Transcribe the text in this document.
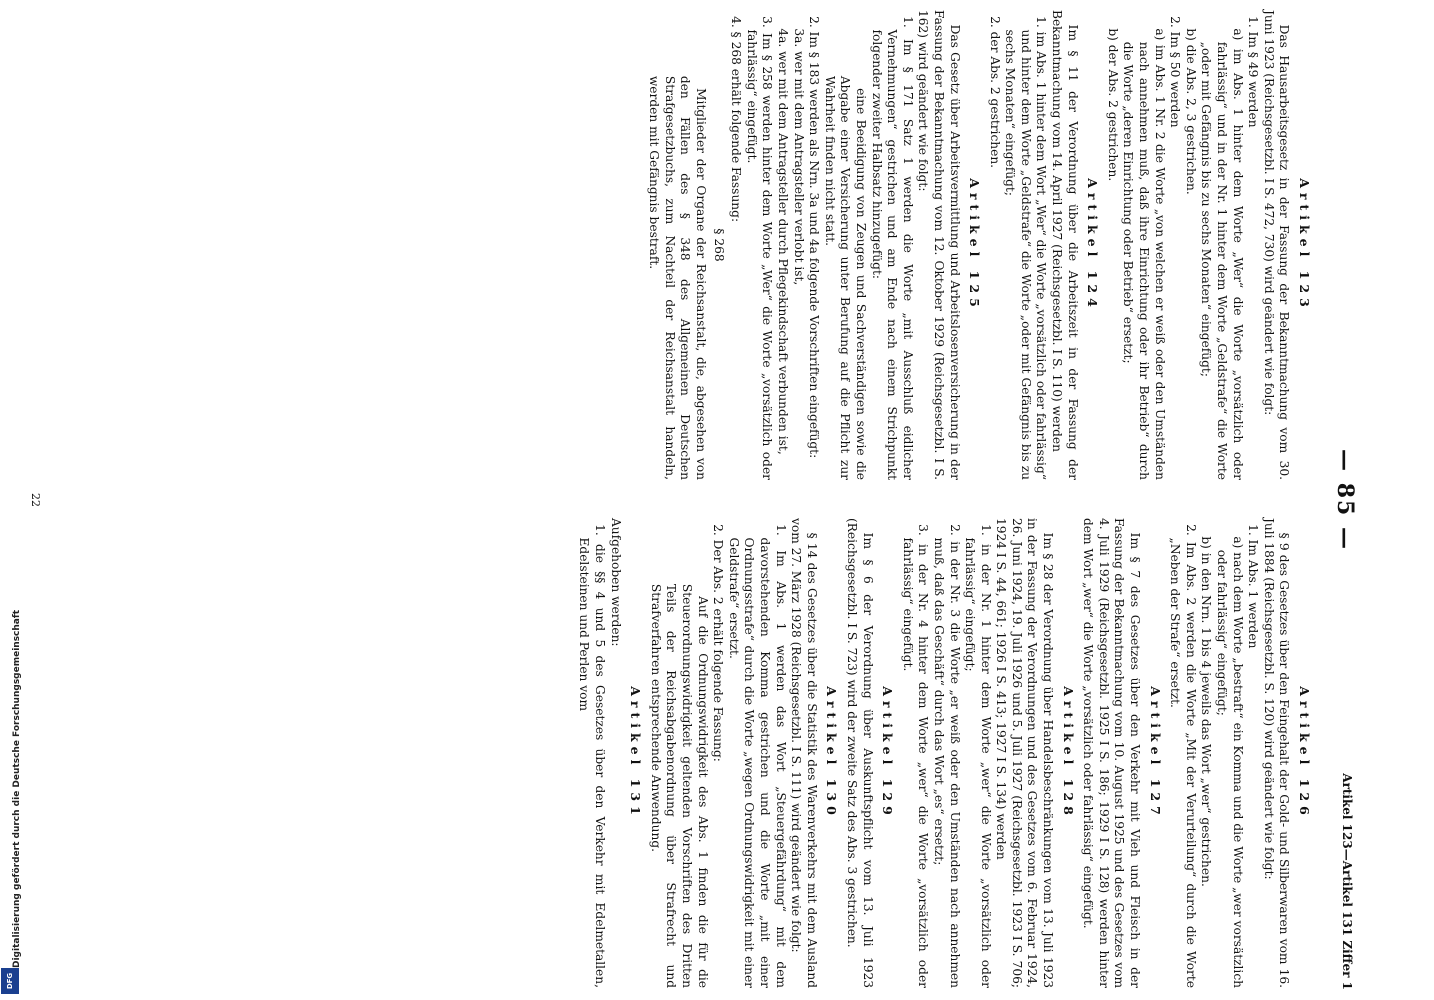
DFG
Digitalisierung gefördert durch die Deutsche Forschungsgemeinschaft
— 85 —
Artikel 123—Artikel 131 Ziffer 1
Artikel 123

Das Hausarbeitsgesetz in der Fassung der Bekanntmachung vom 30. Juni 1923 (Reichsgesetzbl. I S. 472, 730) wird geändert wie folgt:

1. Im § 49 werden

a) im Abs. 1 hinter dem Worte „Wer“ die Worte „vorsätzlich oder fahrlässig“ und in der Nr. 1 hinter dem Worte „Geldstrafe“ die Worte „oder mit Gefängnis bis zu sechs Monaten“ eingefügt;

b) die Abs. 2, 3 gestrichen.

2. Im § 50 werden

a) im Abs. 1 Nr. 2 die Worte „von welchen er weiß oder den Umständen nach annehmen muß, daß ihre Einrichtung oder ihr Betrieb“ durch die Worte „deren Einrichtung oder Betrieb“ ersetzt;

b) der Abs. 2 gestrichen.

Artikel 124

Im § 11 der Verordnung über die Arbeitszeit in der Fassung der Bekanntmachung vom 14. April 1927 (Reichsgesetzbl. I S. 110) werden

1. im Abs. 1 hinter dem Wort „Wer“ die Worte „vorsätzlich oder fahrlässig“ und hinter dem Worte „Geldstrafe“ die Worte „oder mit Gefängnis bis zu sechs Monaten“ eingefügt;

2. der Abs. 2 gestrichen.

Artikel 125

Das Gesetz über Arbeitsvermittlung und Arbeitslosenversicherung in der Fassung der Bekanntmachung vom 12. Oktober 1929 (Reichsgesetzbl. I S. 162) wird geändert wie folgt:

1. Im § 171 Satz 1 werden die Worte „mit Ausschluß eidlicher Vernehmungen“ gestrichen und am Ende nach einem Strichpunkt folgender zweiter Halbsatz hinzugefügt:

eine Beeidigung von Zeugen und Sachverständigen sowie die Abgabe einer Versicherung unter Berufung auf die Pflicht zur Wahrheit finden nicht statt.

2. Im § 183 werden als Nrn. 3a und 4a folgende Vorschriften eingefügt:

3a. wer mit dem Antragsteller verlobt ist,

4a. wer mit dem Antragsteller durch Pflegekindschaft verbunden ist,

3. Im § 258 werden hinter dem Worte „Wer“ die Worte „vorsätzlich oder fahrlässig“ eingefügt.

4. § 268 erhält folgende Fassung:

§ 268

Mitglieder der Organe der Reichsanstalt, die, abgesehen von den Fällen des § 348 des Allgemeinen Deutschen Strafgesetzbuchs, zum Nachteil der Reichsanstalt handeln, werden mit Gefängnis bestraft.

Artikel 126

§ 9 des Gesetzes über den Feingehalt der Gold- und Silberwaren vom 16. Juli 1884 (Reichsgesetzbl. S. 120) wird geändert wie folgt:

1. Im Abs. 1 werden

a) nach dem Worte „bestraft“ ein Komma und die Worte „wer vorsätzlich oder fahrlässig“ eingefügt;

b) in den Nrn. 1 bis 4 jeweils das Wort „wer“ gestrichen.

2. Im Abs. 2 werden die Worte „Mit der Verurteilung“ durch die Worte „Neben der Strafe“ ersetzt.

Artikel 127

Im § 7 des Gesetzes über den Verkehr mit Vieh und Fleisch in der Fassung der Bekanntmachung vom 10. August 1925 und des Gesetzes vom 4. Juli 1929 (Reichsgesetzbl. 1925 I S. 186; 1929 I S. 128) werden hinter dem Wort „wer“ die Worte „vorsätzlich oder fahrlässig“ eingefügt.

Artikel 128

Im § 28 der Verordnung über Handelsbeschränkungen vom 13. Juli 1923 in der Fassung der Verordnungen und des Gesetzes vom 6. Februar 1924, 26. Juni 1924, 19. Juli 1926 und 5. Juli 1927 (Reichsgesetzbl. 1923 I S. 706; 1924 I S. 44, 661; 1926 I S. 413; 1927 I S. 134) werden

1. in der Nr. 1 hinter dem Worte „wer“ die Worte „vorsätzlich oder fahrlässig“ eingefügt;

2. in der Nr. 3 die Worte „er weiß oder den Umständen nach annehmen muß, daß das Geschäft“ durch das Wort „es“ ersetzt;

3. in der Nr. 4 hinter dem Worte „wer“ die Worte „vorsätzlich oder fahrlässig“ eingefügt.

Artikel 129

Im § 6 der Verordnung über Auskunftspflicht vom 13. Juli 1923 (Reichsgesetzbl. I S. 723) wird der zweite Satz des Abs. 3 gestrichen.

Artikel 130

§ 14 des Gesetzes über die Statistik des Warenverkehrs mit dem Ausland vom 27. März 1928 (Reichsgesetzbl. I S. 111) wird geändert wie folgt:

1. Im Abs. 1 werden das Wort „Steuergefährdung“ mit dem davorstehenden Komma gestrichen und die Worte „mit einer Ordnungsstrafe“ durch die Worte „wegen Ordnungswidrigkeit mit einer Geldstrafe“ ersetzt.

2. Der Abs. 2 erhält folgende Fassung:

Auf die Ordnungswidrigkeit des Abs. 1 finden die für die Steuerordnungswidrigkeit geltenden Vorschriften des Dritten Teils der Reichsabgabenordnung über Strafrecht und Strafverfahren entsprechende Anwendung.

Artikel 131

Aufgehoben werden:

1. die §§ 4 und 5 des Gesetzes über den Verkehr mit Edelmetallen, Edelsteinen und Perlen vom

22
